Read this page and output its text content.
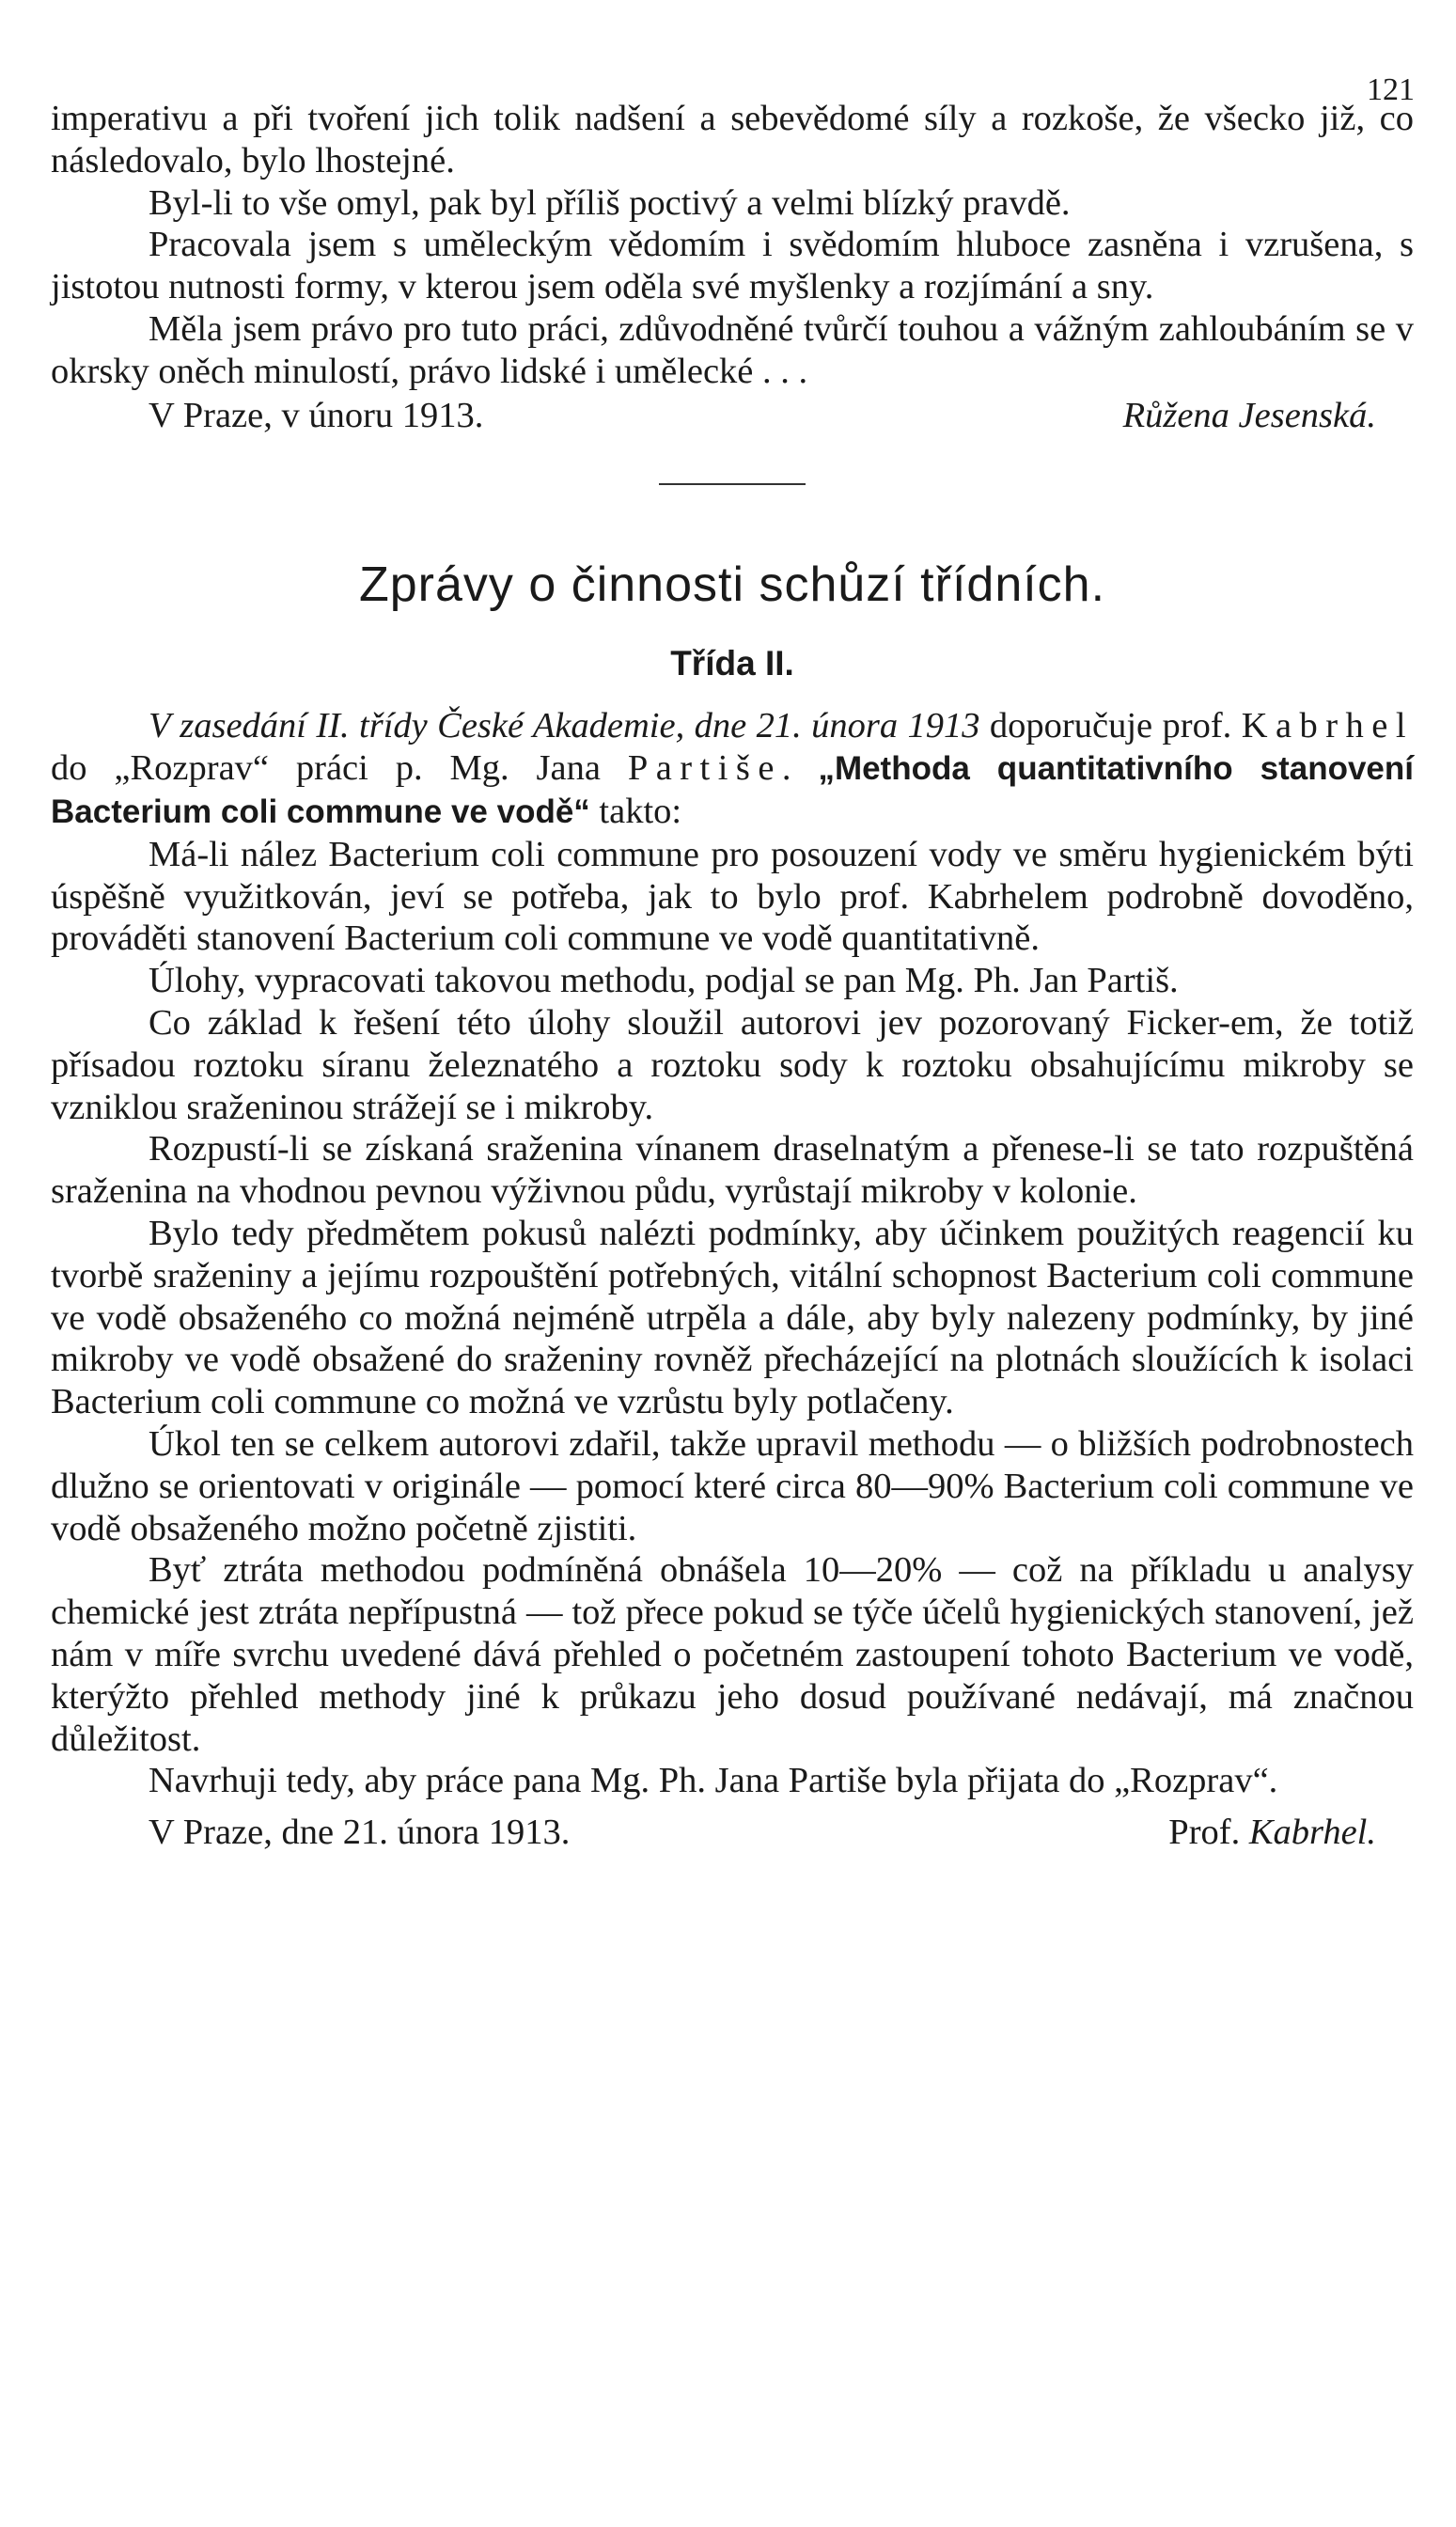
121

imperativu a při tvoření jich tolik nadšení a sebevědomé síly a rozkoše, že všecko již, co následovalo, bylo lhostejné.

Byl-li to vše omyl, pak byl příliš poctivý a velmi blízký pravdě.

Pracovala jsem s uměleckým vědomím i svědomím hluboce zasněna i vzrušena, s jistotou nutnosti formy, v kterou jsem oděla své myšlenky a rozjímání a sny.

Měla jsem právo pro tuto práci, zdůvodněné tvůrčí touhou a vážným zahloubáním se v okrsky oněch minulostí, právo lidské i umělecké . . .

V Praze, v únoru 1913.	Růžena Jesenská.
Zprávy o činnosti schůzí třídních.
Třída II.

V zasedání II. třídy České Akademie, dne 21. února 1913 doporučuje prof. Kabrhel do „Rozprav“ práci p. Mg. Jana Partiše. „Methoda quantitativního stanovení Bacterium coli commune ve vodě“ takto:

Má-li nález Bacterium coli commune pro posouzení vody ve směru hygienickém býti úspěšně využitkován, jeví se potřeba, jak to bylo prof. Kabrhelem podrobně dovoděno, prováděti stanovení Bacterium coli commune ve vodě quantitativně.

Úlohy, vypracovati takovou methodu, podjal se pan Mg. Ph. Jan Partiš.

Co základ k řešení této úlohy sloužil autorovi jev pozorovaný Ficker-em, že totiž přísadou roztoku síranu železnatého a roztoku sody k roztoku obsahujícímu mikroby se vzniklou sraženinou strážejí se i mikroby.

Rozpustí-li se získaná sraženina vínanem draselnatým a přenese-li se tato rozpuštěná sraženina na vhodnou pevnou výživnou půdu, vyrůstají mikroby v kolonie.

Bylo tedy předmětem pokusů nalézti podmínky, aby účinkem použitých reagencií ku tvorbě sraženiny a jejímu rozpouštění potřebných, vitální schopnost Bacterium coli commune ve vodě obsaženého co možná nejméně utrpěla a dále, aby byly nalezeny podmínky, by jiné mikroby ve vodě obsažené do sraženiny rovněž přecházející na plotnách sloužících k isolaci Bacterium coli commune co možná ve vzrůstu byly potlačeny.

Úkol ten se celkem autorovi zdařil, takže upravil methodu — o bližších podrobnostech dlužno se orientovati v originále — pomocí které circa 80—90% Bacterium coli commune ve vodě obsaženého možno početně zjistiti.

Byť ztráta methodou podmíněná obnášela 10—20% — což na příkladu u analysy chemické jest ztráta nepřípustná — tož přece pokud se týče účelů hygienických stanovení, jež nám v míře svrchu uvedené dává přehled o početném zastoupení tohoto Bacterium ve vodě, kterýžto přehled methody jiné k průkazu jeho dosud používané nedávají, má značnou důležitost.

Navrhuji tedy, aby práce pana Mg. Ph. Jana Partiše byla přijata do „Rozprav“.

V Praze, dne 21. února 1913.	Prof. Kabrhel.
